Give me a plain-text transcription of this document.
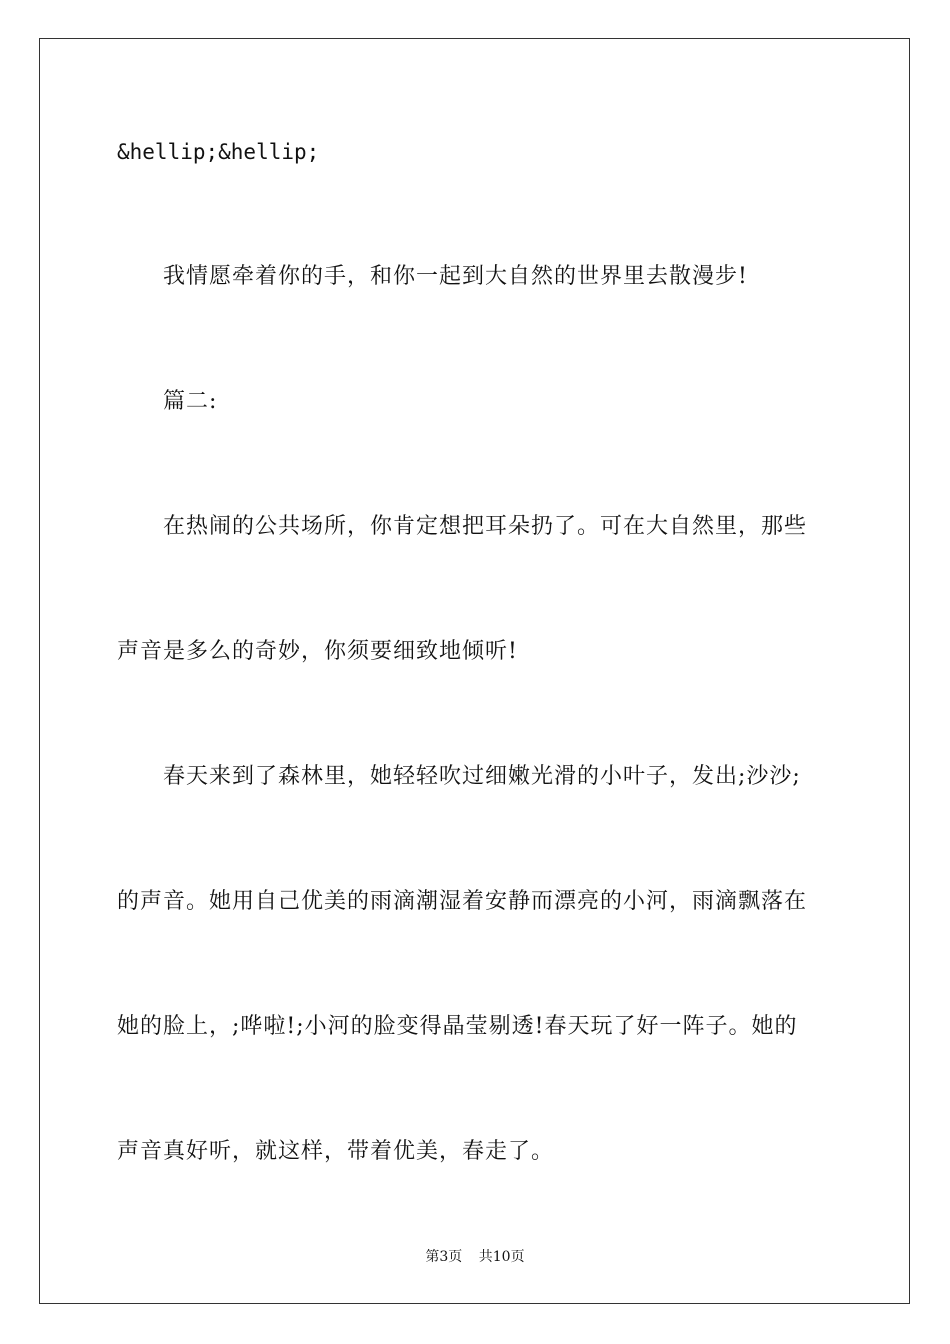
&hellip;&hellip;
我情愿牵着你的手，和你一起到大自然的世界里去散漫步!
篇二:
在热闹的公共场所，你肯定想把耳朵扔了。可在大自然里，那些
声音是多么的奇妙，你须要细致地倾听!
春天来到了森林里，她轻轻吹过细嫩光滑的小叶子，发出;沙沙;
的声音。她用自己优美的雨滴潮湿着安静而漂亮的小河，雨滴飘落在
她的脸上，;哗啦!;小河的脸变得晶莹剔透!春天玩了好一阵子。她的
声音真好听，就这样，带着优美，春走了。
第3页 共10页
